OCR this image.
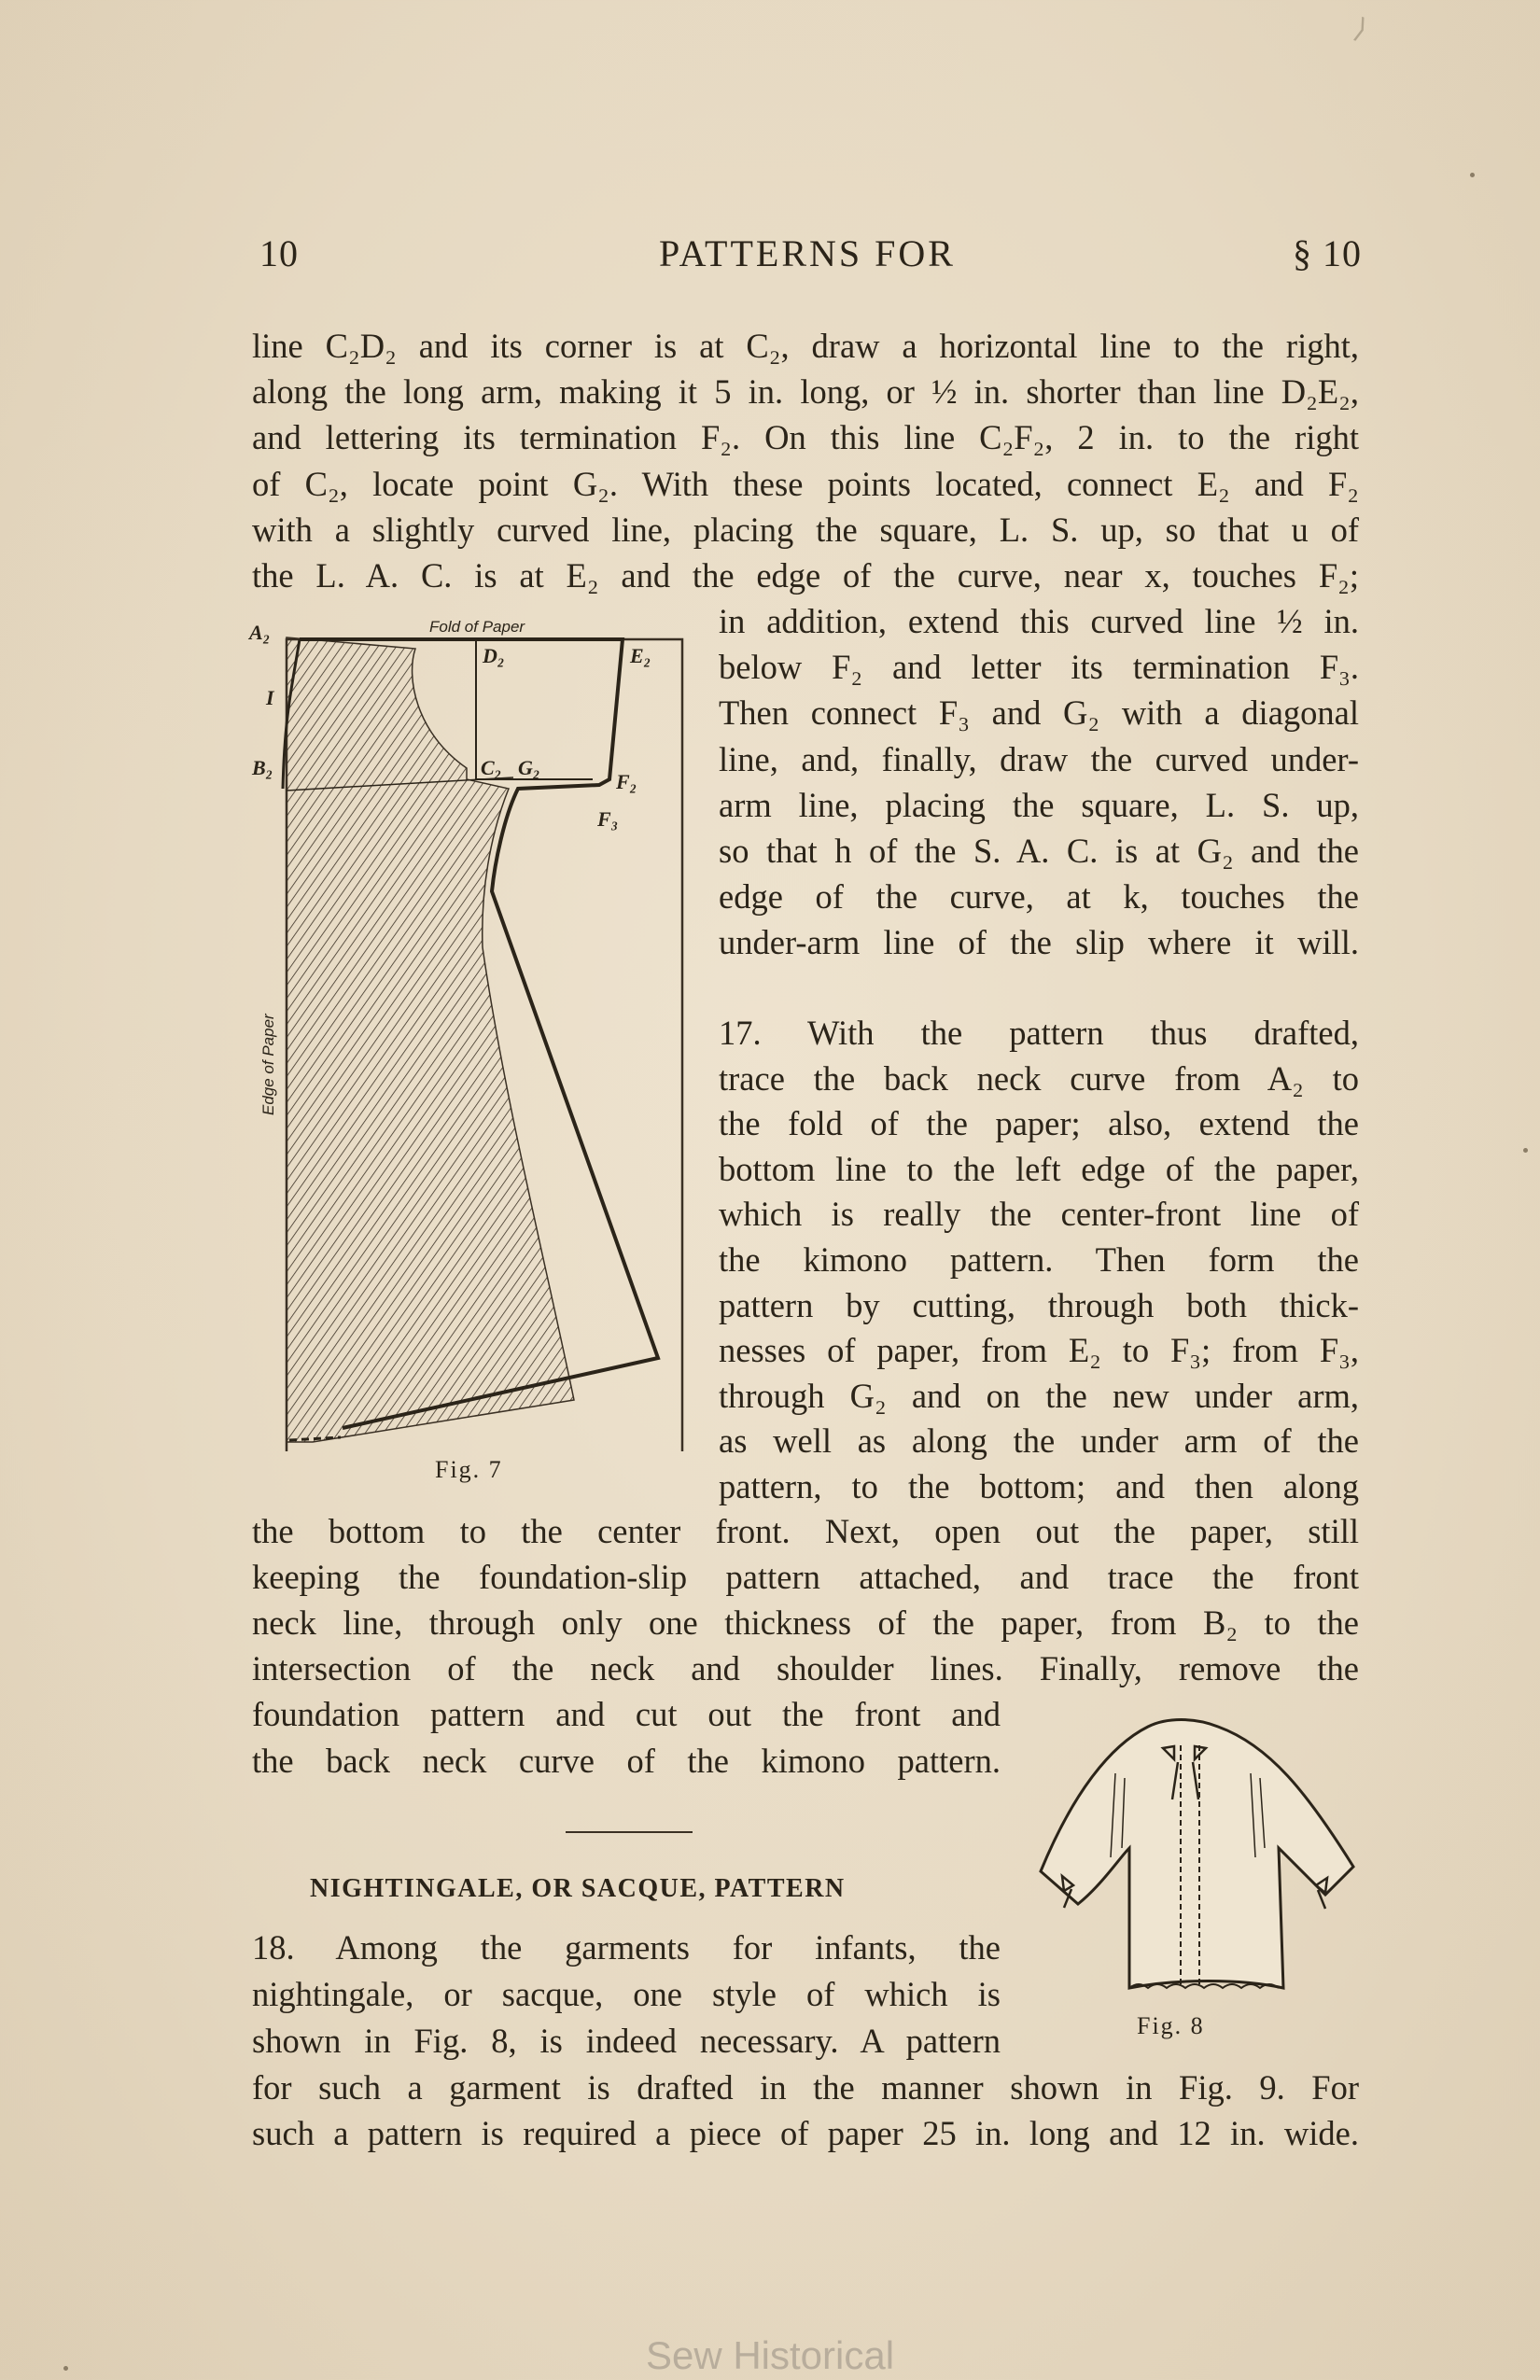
10	PATTERNS FOR	§ 10
line C₂D₂ and its corner is at C₂, draw a horizontal line to the right,
along the long arm, making it 5 in. long, or ½ in. shorter than line D₂E₂,
and lettering its termination F₂. On this line C₂F₂, 2 in. to the right
of C₂, locate point G₂. With these points located, connect E₂ and F₂
with a slightly curved line, placing the square, L. S. up, so that u of
the L. A. C. is at E₂ and the edge of the curve, near x, touches F₂;
in addition, extend this curved line ½ in.
below F₂ and letter its termination F₃.
Then connect F₃ and G₂ with a diagonal
line, and, finally, draw the curved under-
arm line, placing the square, L. S. up,
so that h of the S. A. C. is at G₂ and the
edge of the curve, at k, touches the
under-arm line of the slip where it will.
17. With the pattern thus drafted,
trace the back neck curve from A₂ to
the fold of the paper; also, extend the
bottom line to the left edge of the paper,
which is really the center-front line of
the kimono pattern. Then form the
pattern by cutting, through both thick-
nesses of paper, from E₂ to F₃; from F₃,
through G₂ and on the new under arm,
as well as along the under arm of the
pattern, to the bottom; and then along
the bottom to the center front. Next, open out the paper, still
keeping the foundation-slip pattern attached, and trace the front
neck line, through only one thickness of the paper, from B₂ to the
intersection of the neck and shoulder lines. Finally, remove the
foundation pattern and cut out the front and
the back neck curve of the kimono pattern.
NIGHTINGALE, OR SACQUE, PATTERN
18. Among the garments for infants, the
nightingale, or sacque, one style of which is
shown in Fig. 8, is indeed necessary. A pattern
for such a garment is drafted in the manner shown in Fig. 9. For
such a pattern is required a piece of paper 25 in. long and 12 in. wide.
Fold of Paper
Edge of Paper
A₂
I
B₂
D₂	E₂
C₂ G₂
F₂
F₃
Fig. 7
Fig. 8
Sew Historical
⟩
